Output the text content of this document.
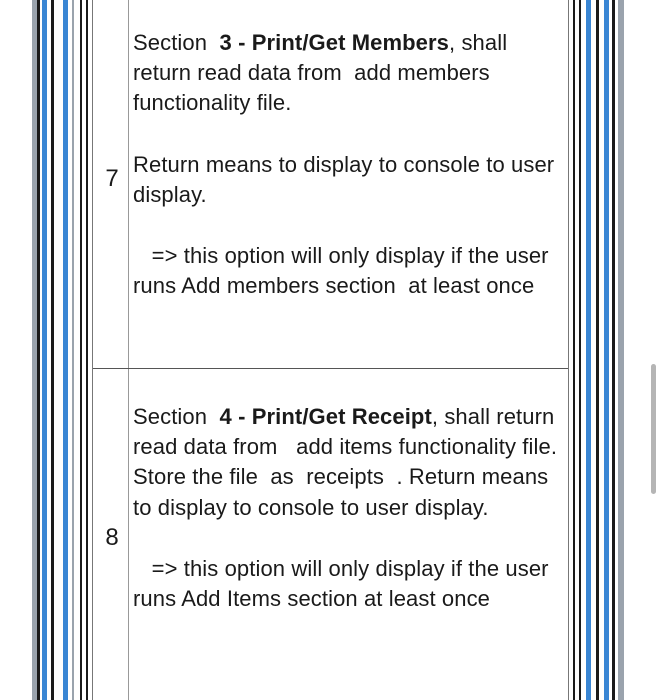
7

Section  3 - Print/Get Members, shall return read data from  add members functionality file.

Return means to display to console to user display.

=> this option will only display if the user runs Add members section  at least once

8

Section  4 - Print/Get Receipt, shall return read data from   add items functionality file.  Store the file  as  receipts  . Return means to display to console to user display.

=> this option will only display if the user runs Add Items section at least once
